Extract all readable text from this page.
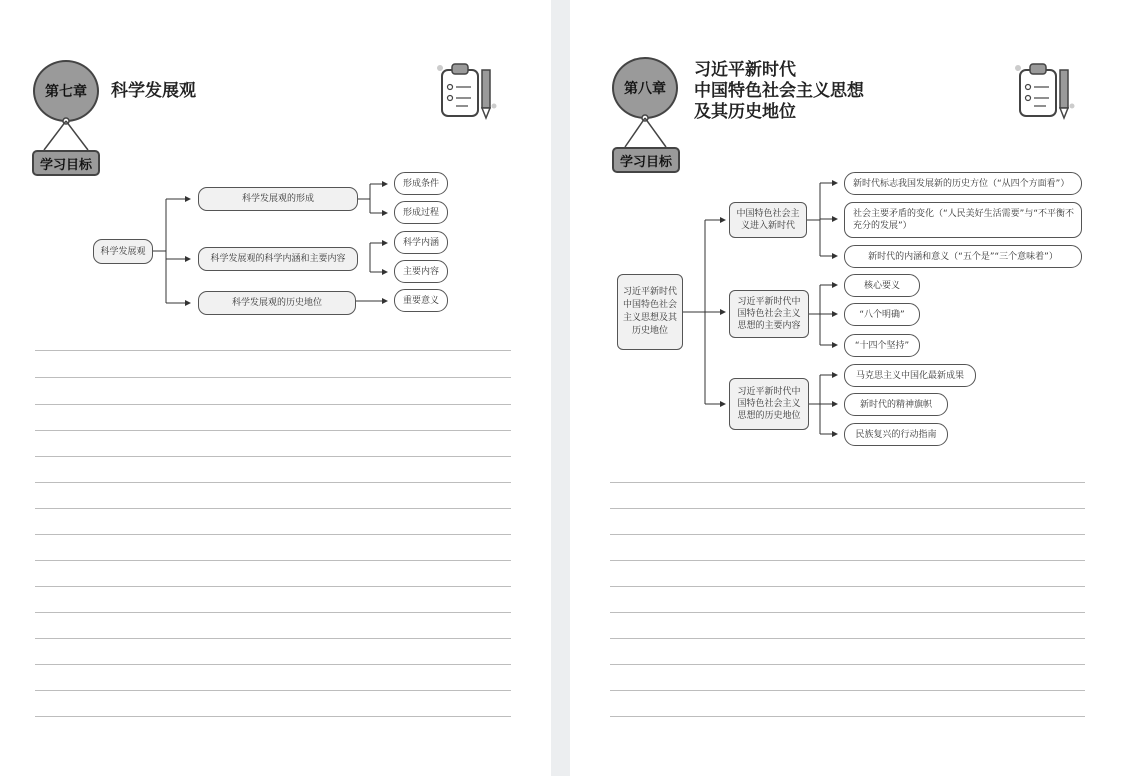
第七章 科学发展观
学习目标
科学发展观
科学发展观的形成
科学发展观的科学内涵和主要内容
科学发展观的历史地位
形成条件
形成过程
科学内涵
主要内容
重要意义
第八章
习近平新时代
中国特色社会主义思想
及其历史地位
学习目标
习近平新时代中国特色社会主义思想及其历史地位
中国特色社会主义进入新时代
习近平新时代中国特色社会主义思想的主要内容
习近平新时代中国特色社会主义思想的历史地位
新时代标志我国发展新的历史方位（“从四个方面看”）
社会主要矛盾的变化（“人民美好生活需要”与“不平衡不充分的发展”）
新时代的内涵和意义（“五个是”“三个意味着”）
核心要义
“八个明确”
“十四个坚持”
马克思主义中国化最新成果
新时代的精神旗帜
民族复兴的行动指南
